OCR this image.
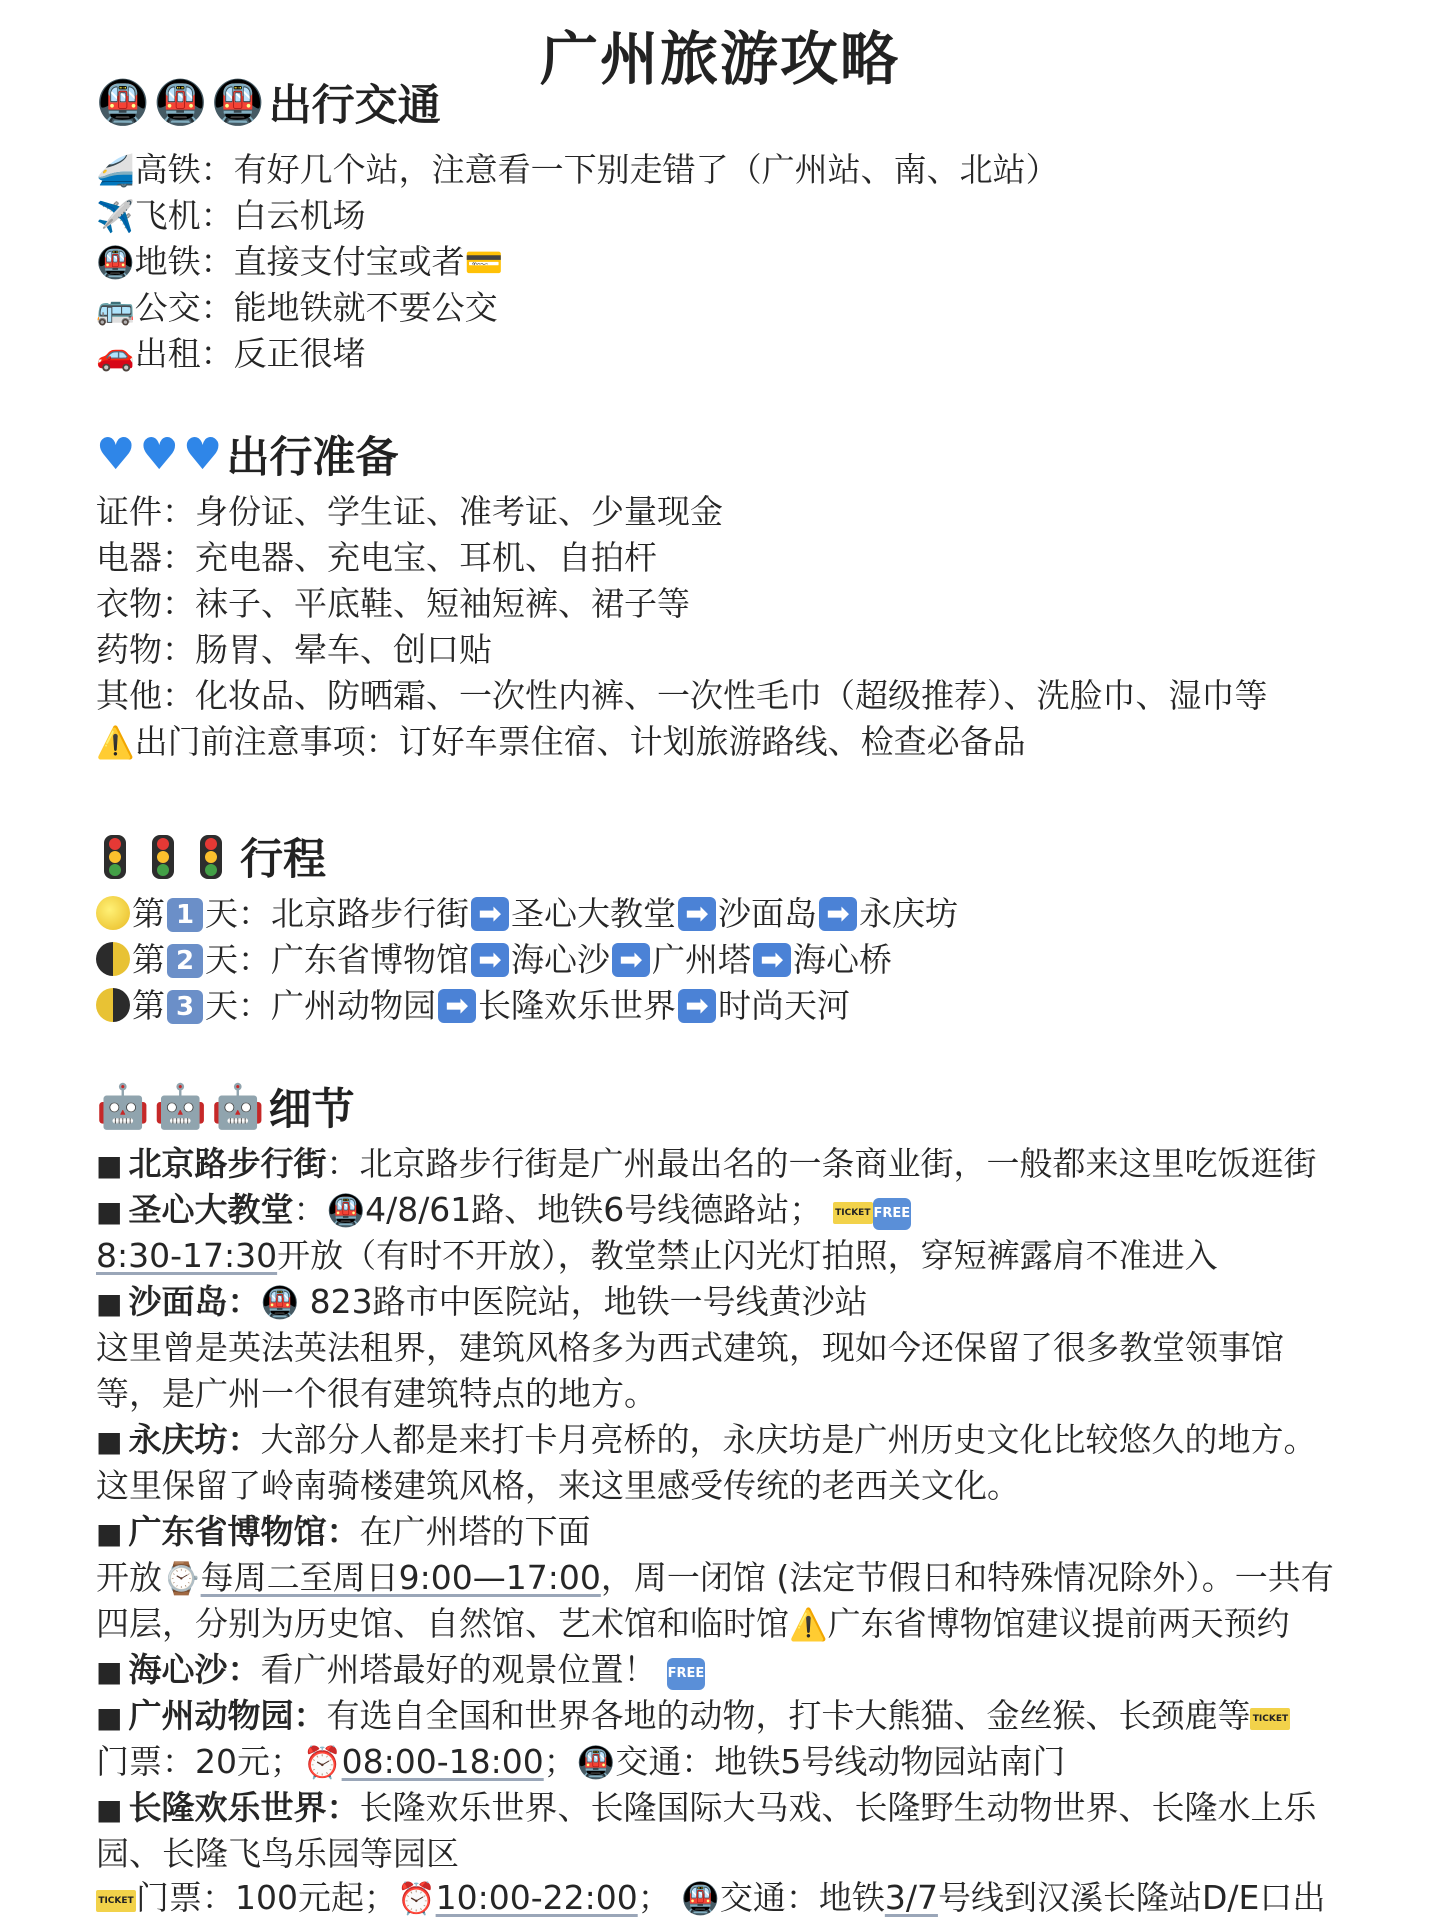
广州旅游攻略
🚇 🚇 🚇 出行交通
🚄高铁：有好几个站，注意看一下别走错了（广州站、南、北站）
✈️飞机：白云机场
🚇地铁：直接支付宝或者💳
🚌公交：能地铁就不要公交
🚗出租：反正很堵
♥ ♥ ♥ 出行准备
证件：身份证、学生证、准考证、少量现金
电器：充电器、充电宝、耳机、自拍杆
衣物：袜子、平底鞋、短袖短裤、裙子等
药物：肠胃、晕车、创口贴
其他：化妆品、防晒霜、一次性内裤、一次性毛巾（超级推荐）、洗脸巾、湿巾等
⚠️出门前注意事项：订好车票住宿、计划旅游路线、检查必备品
行程
第 1 天：北京路步行街 ➡ 圣心大教堂 ➡ 沙面岛 ➡ 永庆坊
第 2 天：广东省博物馆 ➡ 海心沙 ➡ 广州塔 ➡ 海心桥
第 3 天：广州动物园 ➡ 长隆欢乐世界 ➡ 时尚天河
🤖 🤖 🤖 细节
■ 北京路步行街：北京路步行街是广州最出名的一条商业街，一般都来这里吃饭逛街
■ 圣心大教堂：🚇4/8/61路、地铁6号线德路站； TICKET FREE
8:30-17:30开放（有时不开放），教堂禁止闪光灯拍照，穿短裤露肩不准进入
■ 沙面岛：🚇 823路市中医院站，地铁一号线黄沙站
这里曾是英法英法租界，建筑风格多为西式建筑，现如今还保留了很多教堂领事馆
等，是广州一个很有建筑特点的地方。
■ 永庆坊：大部分人都是来打卡月亮桥的，永庆坊是广州历史文化比较悠久的地方。
这里保留了岭南骑楼建筑风格，来这里感受传统的老西关文化。
■ 广东省博物馆：在广州塔的下面
开放⌚每周二至周日9:00—17:00，周一闭馆 (法定节假日和特殊情况除外）。一共有
四层，分别为历史馆、自然馆、艺术馆和临时馆⚠️广东省博物馆建议提前两天预约
■ 海心沙：看广州塔最好的观景位置！ FREE
■ 广州动物园：有选自全国和世界各地的动物，打卡大熊猫、金丝猴、长颈鹿等 TICKET
门票：20元；⏰08:00-18:00；🚇交通：地铁5号线动物园站南门
■ 长隆欢乐世界：长隆欢乐世界、长隆国际大马戏、长隆野生动物世界、长隆水上乐
园、长隆飞鸟乐园等园区
TICKET门票：100元起；⏰10:00-22:00； 🚇交通：地铁3/7号线到汉溪长隆站D/E口出
